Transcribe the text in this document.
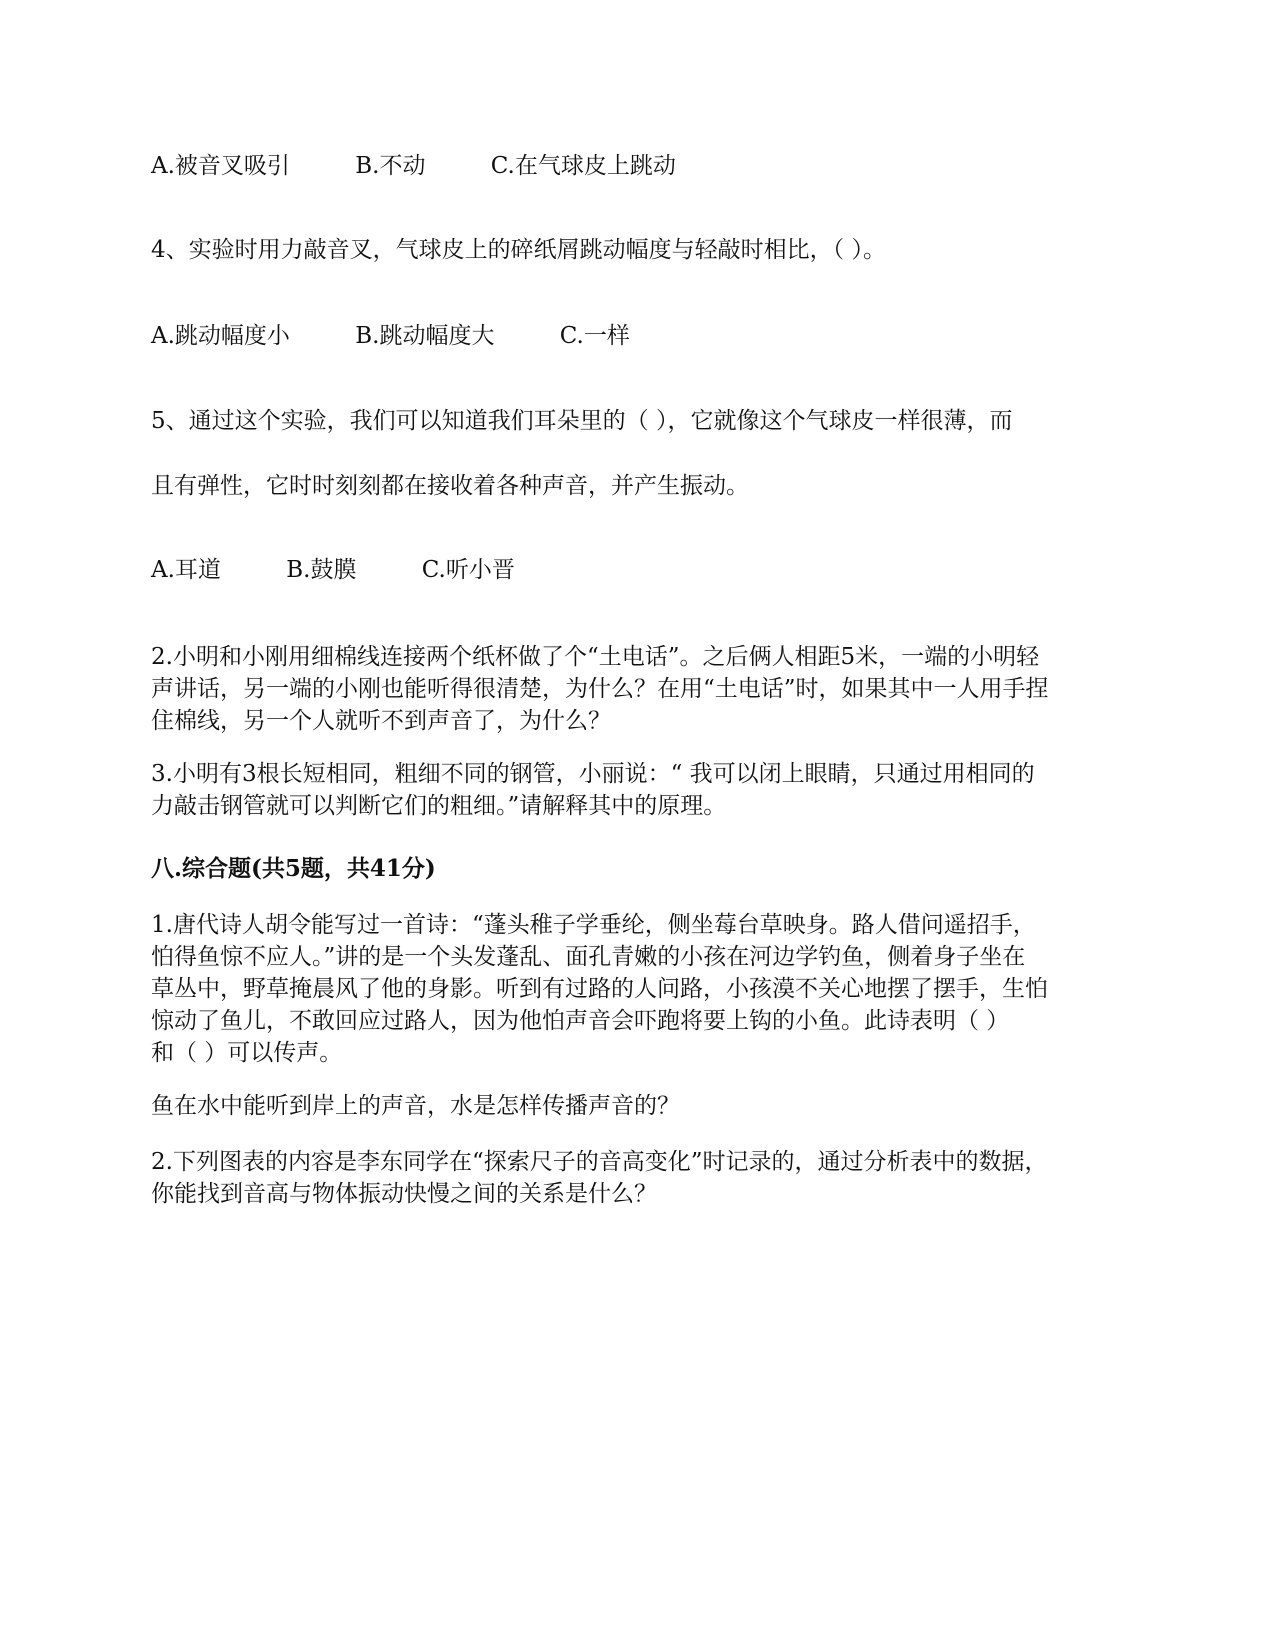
A.被音叉吸引	B.不动	C.在气球皮上跳动
4、实验时用力敲音叉，气球皮上的碎纸屑跳动幅度与轻敲时相比，（ ）。
A.跳动幅度小	B.跳动幅度大	C.一样
5、通过这个实验，我们可以知道我们耳朵里的（ ），它就像这个气球皮一样很薄，而
且有弹性，它时时刻刻都在接收着各种声音，并产生振动。
A.耳道	B.鼓膜	C.听小晋
2.小明和小刚用细棉线连接两个纸杯做了个“土电话”。之后俩人相距5米，一端的小明轻
声讲话，另一端的小刚也能听得很清楚，为什么？在用“土电话”时，如果其中一人用手捏
住棉线，另一个人就听不到声音了，为什么？
3.小明有3根长短相同，粗细不同的钢管，小丽说：“ 我可以闭上眼睛，只通过用相同的
力敲击钢管就可以判断它们的粗细。”请解释其中的原理。
八.综合题(共5题，共41分)
1.唐代诗人胡令能写过一首诗：“蓬头稚子学垂纶，侧坐莓台草映身。路人借问遥招手，
怕得鱼惊不应人。”讲的是一个头发蓬乱、面孔青嫩的小孩在河边学钓鱼，侧着身子坐在
草丛中，野草掩晨风了他的身影。听到有过路的人问路，小孩漠不关心地摆了摆手，生怕
惊动了鱼儿，不敢回应过路人，因为他怕声音会吓跑将要上钩的小鱼。此诗表明（ ）
和（ ）可以传声。
鱼在水中能听到岸上的声音，水是怎样传播声音的？
2.下列图表的内容是李东同学在“探索尺子的音高变化”时记录的，通过分析表中的数据，
你能找到音高与物体振动快慢之间的关系是什么？
